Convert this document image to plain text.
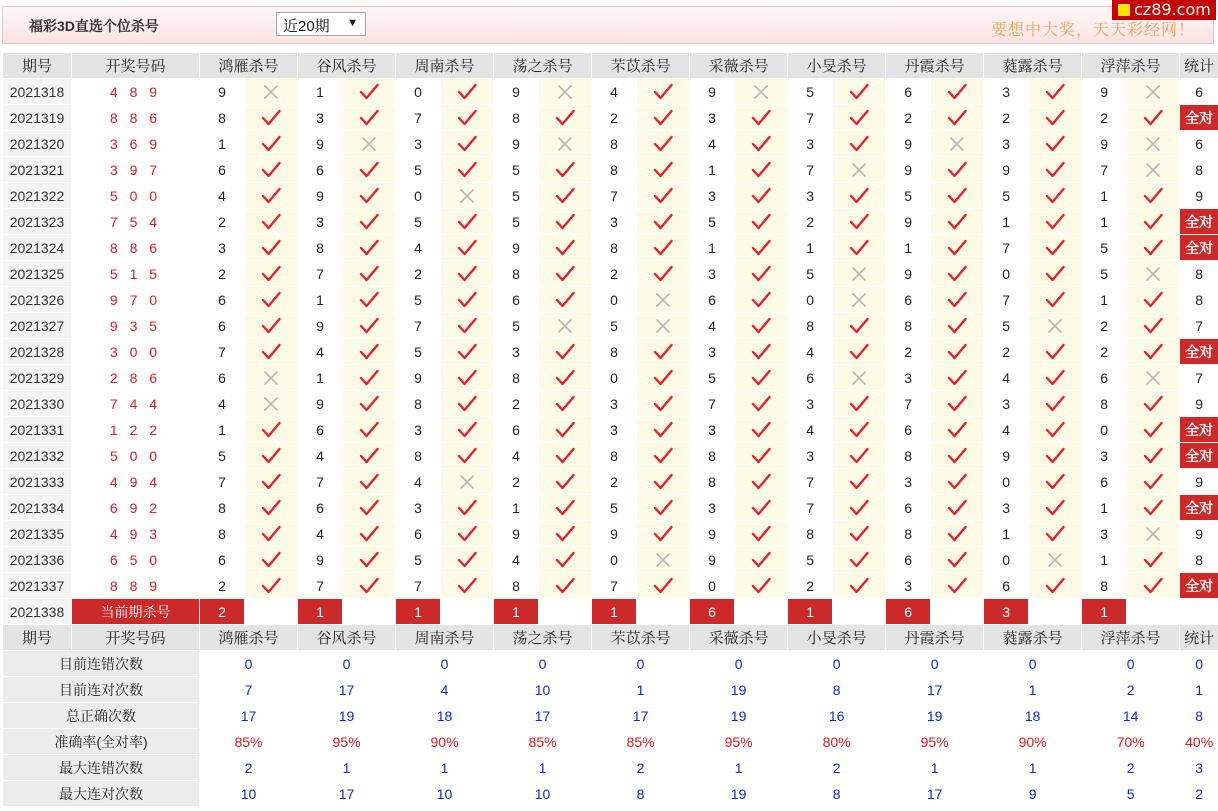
福彩3D直选个位杀号	近20期 ▼	要想中大奖，天天彩经网！
cz89.com
期号	开奖号码	鸿雁杀号		谷风杀号		周南杀号		荡之杀号		芣苡杀号		采薇杀号		小旻杀号		丹霞杀号		蕤露杀号		浮萍杀号		统计
2021318	4 8 9	9		1		0		9		4		9		5		6		3		9		6
2021319	8 8 6	8		3		7		8		2		3		7		2		2		2		全对
2021320	3 6 9	1		9		3		9		8		4		3		9		3		9		6
2021321	3 9 7	6		6		5		5		8		1		7		9		9		7		8
2021322	5 0 0	4		9		0		5		7		3		3		5		5		1		9
2021323	7 5 4	2		3		5		5		3		5		2		9		1		1		全对
2021324	8 8 6	3		8		4		9		8		1		1		1		7		5		全对
2021325	5 1 5	2		7		2		8		2		3		5		9		0		5		8
2021326	9 7 0	6		1		5		6		0		6		0		6		7		1		8
2021327	9 3 5	6		9		7		5		5		4		8		8		5		2		7
2021328	3 0 0	7		4		5		3		8		3		4		2		2		2		全对
2021329	2 8 6	6		1		9		8		0		5		6		3		4		6		7
2021330	7 4 4	4		9		8		2		3		7		3		7		3		8		9
2021331	1 2 2	1		6		3		6		3		3		4		6		4		0		全对
2021332	5 0 0	5		4		8		4		8		8		3		8		9		3		全对
2021333	4 9 4	7		7		4		2		2		8		7		3		0		6		9
2021334	6 9 2	8		6		3		1		5		3		7		6		3		1		全对
2021335	4 9 3	8		4		6		9		9		9		8		8		1		3		9
2021336	6 5 0	6		9		5		4		0		9		5		6		0		1		8
2021337	8 8 9	2		7		7		8		7		0		2		3		6		8		全对
2021338	当前期杀号	2		1		1		1		1		6		1		6		3		1		
期号	开奖号码	鸿雁杀号		谷风杀号		周南杀号		荡之杀号		芣苡杀号		采薇杀号		小旻杀号		丹霞杀号		蕤露杀号		浮萍杀号		统计
目前连错次数		0		0		0		0		0		0		0		0		0		0		0
目前连对次数		7		17		4		10		1		19		8		17		1		2		1
总正确次数		17		19		18		17		17		19		16		19		18		14		8
准确率(全对率)		85%		95%		90%		85%		85%		95%		80%		95%		90%		70%		40%
最大连错次数		2		1		1		1		2		1		2		1		1		2		3
最大连对次数		10		17		10		10		8		19		8		17		9		5		2
